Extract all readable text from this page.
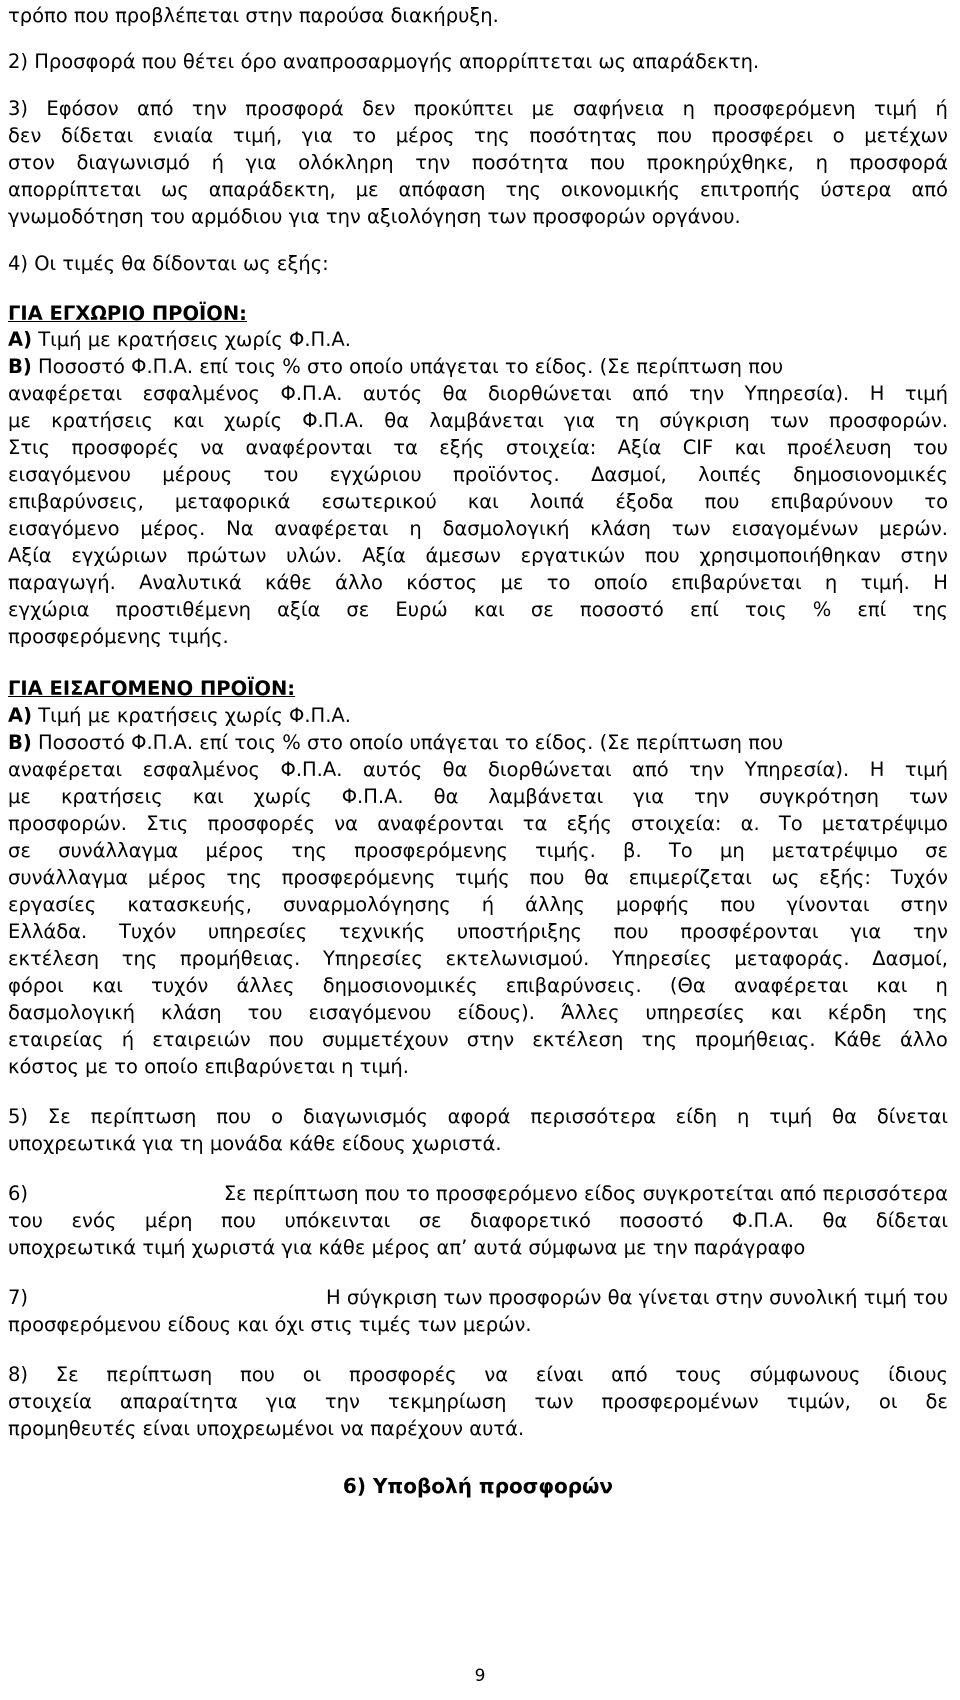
τρόπο που προβλέπεται στην παρούσα διακήρυξη.
2) Προσφορά που θέτει όρο αναπροσαρμογής απορρίπτεται ως απαράδεκτη.
3) Εφόσον από την προσφορά δεν προκύπτει με σαφήνεια η προσφερόμενη τιμή ή
δεν δίδεται ενιαία τιμή, για το μέρος της ποσότητας που προσφέρει ο μετέχων
στον διαγωνισμό ή για ολόκληρη την ποσότητα που προκηρύχθηκε, η προσφορά
απορρίπτεται ως απαράδεκτη, με απόφαση της οικονομικής επιτροπής ύστερα από
γνωμοδότηση του αρμόδιου για την αξιολόγηση των προσφορών οργάνου.
4) Οι τιμές θα δίδονται ως εξής:
ΓΙΑ ΕΓΧΩΡΙΟ ΠΡΟΪΟΝ:
Α) Τιμή με κρατήσεις χωρίς Φ.Π.Α.
Β) Ποσοστό Φ.Π.Α. επί τοις % στο οποίο υπάγεται το είδος. (Σε περίπτωση που
αναφέρεται εσφαλμένος Φ.Π.Α. αυτός θα διορθώνεται από την Υπηρεσία). Η τιμή
με κρατήσεις και χωρίς Φ.Π.Α. θα λαμβάνεται για τη σύγκριση των προσφορών.
Στις προσφορές να αναφέρονται τα εξής στοιχεία: Αξία CIF και προέλευση του
εισαγόμενου μέρους του εγχώριου προϊόντος. Δασμοί, λοιπές δημοσιονομικές
επιβαρύνσεις, μεταφορικά εσωτερικού και λοιπά έξοδα που επιβαρύνουν το
εισαγόμενο μέρος. Να αναφέρεται η δασμολογική κλάση των εισαγομένων μερών.
Αξία εγχώριων πρώτων υλών. Αξία άμεσων εργατικών που χρησιμοποιήθηκαν στην
παραγωγή. Αναλυτικά κάθε άλλο κόστος με το οποίο επιβαρύνεται η τιμή. Η
εγχώρια προστιθέμενη αξία σε Ευρώ και σε ποσοστό επί τοις % επί της
προσφερόμενης τιμής.
ΓΙΑ ΕΙΣΑΓΟΜΕΝΟ ΠΡΟΪΟΝ:
Α) Τιμή με κρατήσεις χωρίς Φ.Π.Α.
Β) Ποσοστό Φ.Π.Α. επί τοις % στο οποίο υπάγεται το είδος. (Σε περίπτωση που
αναφέρεται εσφαλμένος Φ.Π.Α. αυτός θα διορθώνεται από την Υπηρεσία). Η τιμή
με κρατήσεις και χωρίς Φ.Π.Α. θα λαμβάνεται για την συγκρότηση των
προσφορών. Στις προσφορές να αναφέρονται τα εξής στοιχεία: α. Το μετατρέψιμο
σε συνάλλαγμα μέρος της προσφερόμενης τιμής. β. Το μη μετατρέψιμο σε
συνάλλαγμα μέρος της προσφερόμενης τιμής που θα επιμερίζεται ως εξής: Τυχόν
εργασίες κατασκευής, συναρμολόγησης ή άλλης μορφής που γίνονται στην
Ελλάδα. Τυχόν υπηρεσίες τεχνικής υποστήριξης που προσφέρονται για την
εκτέλεση της προμήθειας. Υπηρεσίες εκτελωνισμού. Υπηρεσίες μεταφοράς. Δασμοί,
φόροι και τυχόν άλλες δημοσιονομικές επιβαρύνσεις. (Θα αναφέρεται και η
δασμολογική κλάση του εισαγόμενου είδους). Άλλες υπηρεσίες και κέρδη της
εταιρείας ή εταιρειών που συμμετέχουν στην εκτέλεση της προμήθειας. Κάθε άλλο
κόστος με το οποίο επιβαρύνεται η τιμή.
5) Σε περίπτωση που ο διαγωνισμός αφορά περισσότερα είδη η τιμή θα δίνεται
υποχρεωτικά για τη μονάδα κάθε είδους χωριστά.
6)	Σε περίπτωση που το προσφερόμενο είδος συγκροτείται από περισσότερα
του ενός μέρη που υπόκεινται σε διαφορετικό ποσοστό Φ.Π.Α. θα δίδεται
υποχρεωτικά τιμή χωριστά για κάθε μέρος απ’ αυτά σύμφωνα με την παράγραφο
7)	Η σύγκριση των προσφορών θα γίνεται στην συνολική τιμή του
προσφερόμενου είδους και όχι στις τιμές των μερών.
8) Σε περίπτωση που οι προσφορές να είναι από τους σύμφωνους ίδιους
στοιχεία απαραίτητα για την τεκμηρίωση των προσφερομένων τιμών, οι δε
προμηθευτές είναι υποχρεωμένοι να παρέχουν αυτά.
6) Υποβολή προσφορών
9
